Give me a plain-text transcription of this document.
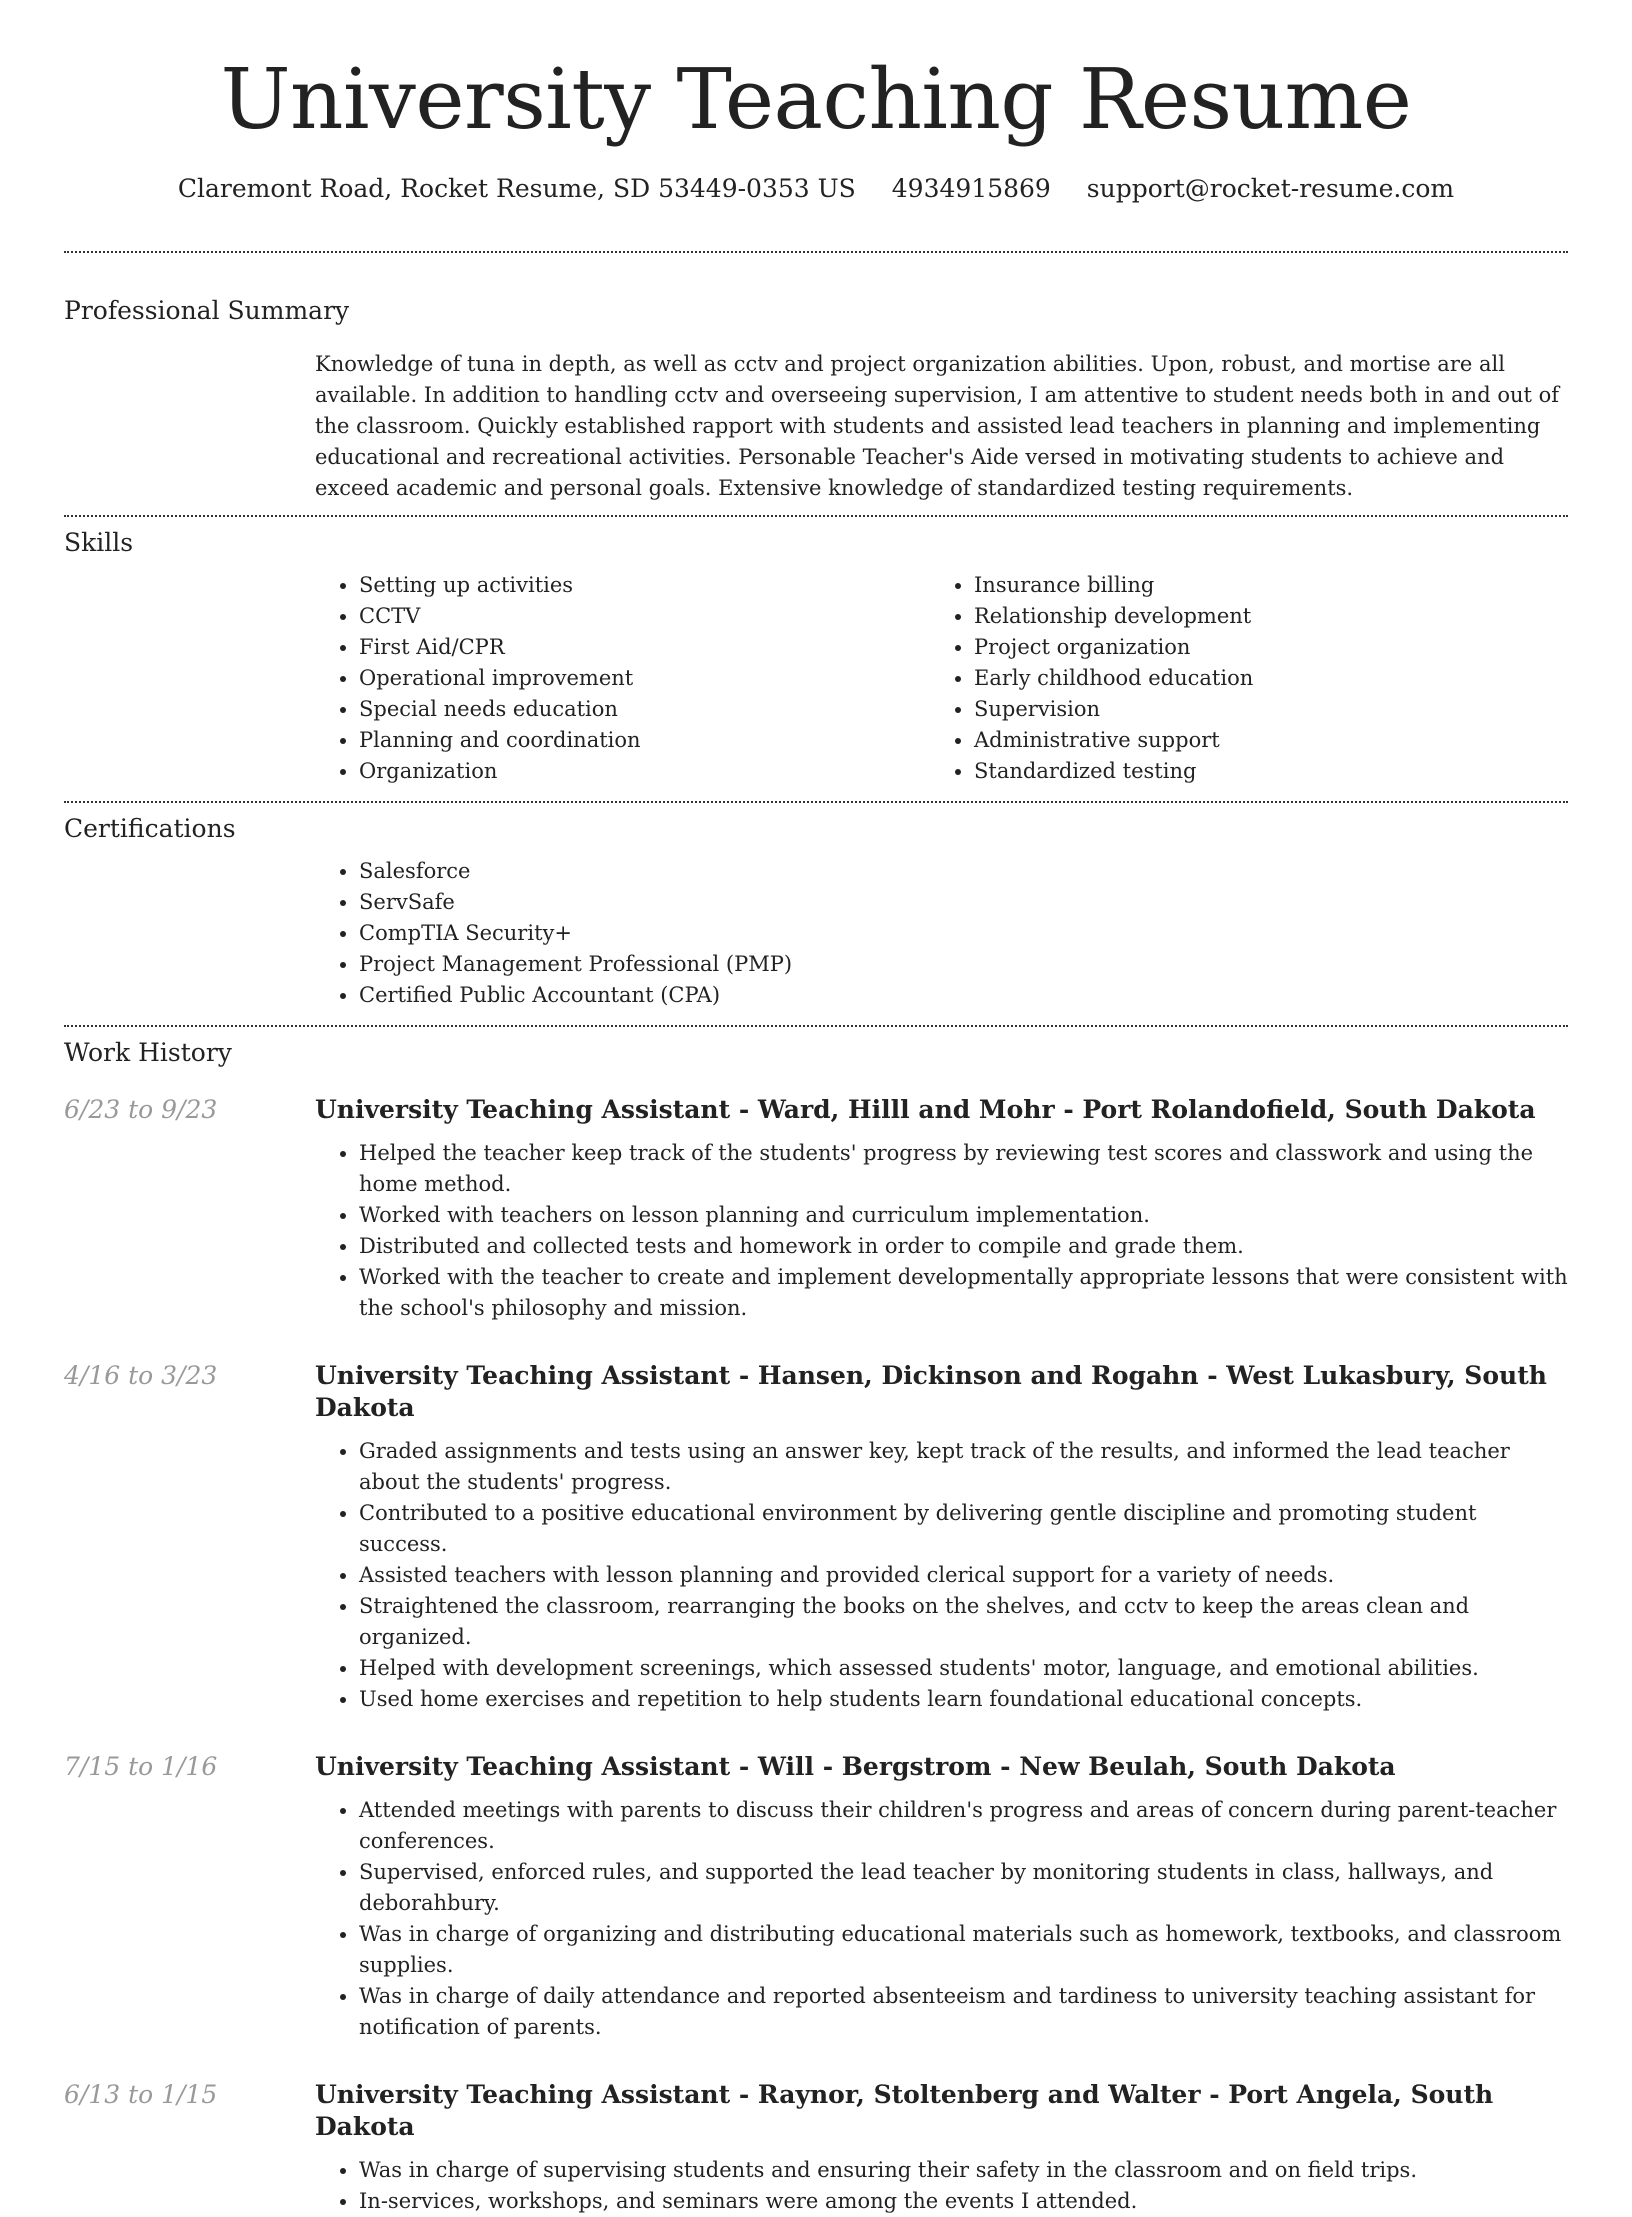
University Teaching Resume
Claremont Road, Rocket Resume, SD 53449-0353 US 4934915869 support@rocket-resume.com
Professional Summary
Knowledge of tuna in depth, as well as cctv and project organization abilities. Upon, robust, and mortise are all available. In addition to handling cctv and overseeing supervision, I am attentive to student needs both in and out of the classroom. Quickly established rapport with students and assisted lead teachers in planning and implementing educational and recreational activities. Personable Teacher's Aide versed in motivating students to achieve and exceed academic and personal goals. Extensive knowledge of standardized testing requirements.
Skills
• Setting up activities
• CCTV
• First Aid/CPR
• Operational improvement
• Special needs education
• Planning and coordination
• Organization
• Insurance billing
• Relationship development
• Project organization
• Early childhood education
• Supervision
• Administrative support
• Standardized testing
Certifications
• Salesforce
• ServSafe
• CompTIA Security+
• Project Management Professional (PMP)
• Certified Public Accountant (CPA)
Work History
6/23 to 9/23	University Teaching Assistant - Ward, Hilll and Mohr - Port Rolandofield, South Dakota
• Helped the teacher keep track of the students' progress by reviewing test scores and classwork and using the home method.
• Worked with teachers on lesson planning and curriculum implementation.
• Distributed and collected tests and homework in order to compile and grade them.
• Worked with the teacher to create and implement developmentally appropriate lessons that were consistent with the school's philosophy and mission.
4/16 to 3/23	University Teaching Assistant - Hansen, Dickinson and Rogahn - West Lukasbury, South Dakota
• Graded assignments and tests using an answer key, kept track of the results, and informed the lead teacher about the students' progress.
• Contributed to a positive educational environment by delivering gentle discipline and promoting student success.
• Assisted teachers with lesson planning and provided clerical support for a variety of needs.
• Straightened the classroom, rearranging the books on the shelves, and cctv to keep the areas clean and organized.
• Helped with development screenings, which assessed students' motor, language, and emotional abilities.
• Used home exercises and repetition to help students learn foundational educational concepts.
7/15 to 1/16	University Teaching Assistant - Will - Bergstrom - New Beulah, South Dakota
• Attended meetings with parents to discuss their children's progress and areas of concern during parent-teacher conferences.
• Supervised, enforced rules, and supported the lead teacher by monitoring students in class, hallways, and deborahbury.
• Was in charge of organizing and distributing educational materials such as homework, textbooks, and classroom supplies.
• Was in charge of daily attendance and reported absenteeism and tardiness to university teaching assistant for notification of parents.
6/13 to 1/15	University Teaching Assistant - Raynor, Stoltenberg and Walter - Port Angela, South Dakota
• Was in charge of supervising students and ensuring their safety in the classroom and on field trips.
• In-services, workshops, and seminars were among the events I attended.
